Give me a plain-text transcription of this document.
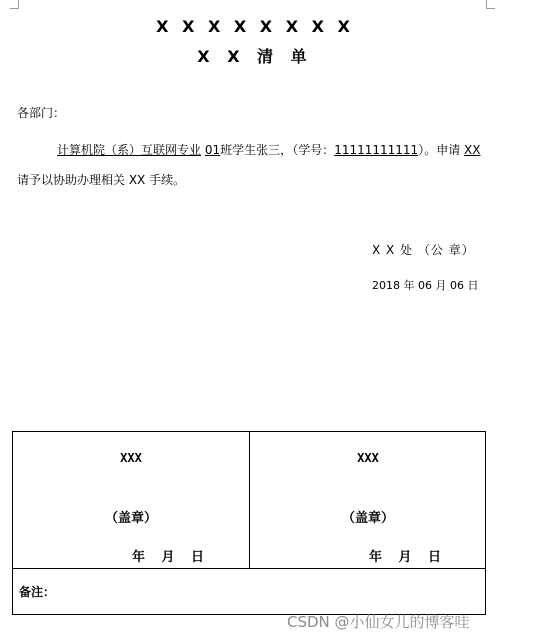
X X X X X X X X
X X 清 单
各部门：
计算机院（系）互联网专业 01班学生张三，（学号：11111111111）。申请 XX
请予以协助办理相关 XX 手续。
X X 处 （公 章）
2018 年 06 月 06 日
XXX
（盖章）
年 月 日
XXX
（盖章）
年 月 日
备注：
CSDN @小仙女儿的博客哇
